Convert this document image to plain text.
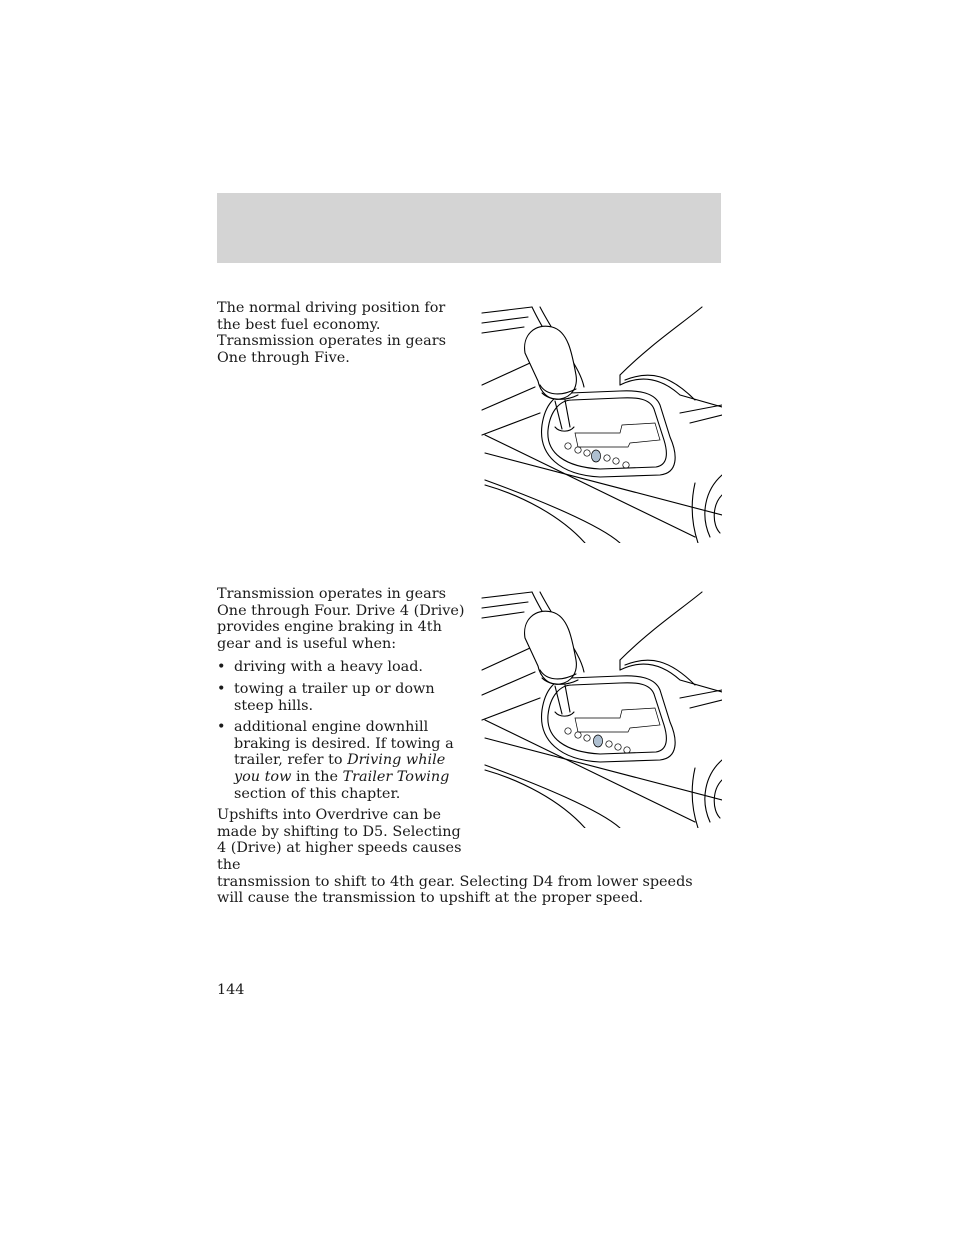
The normal driving position for the best fuel economy. Transmission operates in gears One through Five.
Transmission operates in gears One through Four. Drive 4 (Drive) provides engine braking in 4th gear and is useful when:
• driving with a heavy load.
• towing a trailer up or down steep hills.
• additional engine downhill braking is desired. If towing a trailer, refer to Driving while you tow in the Trailer Towing section of this chapter.
Upshifts into Overdrive can be made by shifting to D5. Selecting 4 (Drive) at higher speeds causes the
transmission to shift to 4th gear. Selecting D4 from lower speeds will cause the transmission to upshift at the proper speed.
144
